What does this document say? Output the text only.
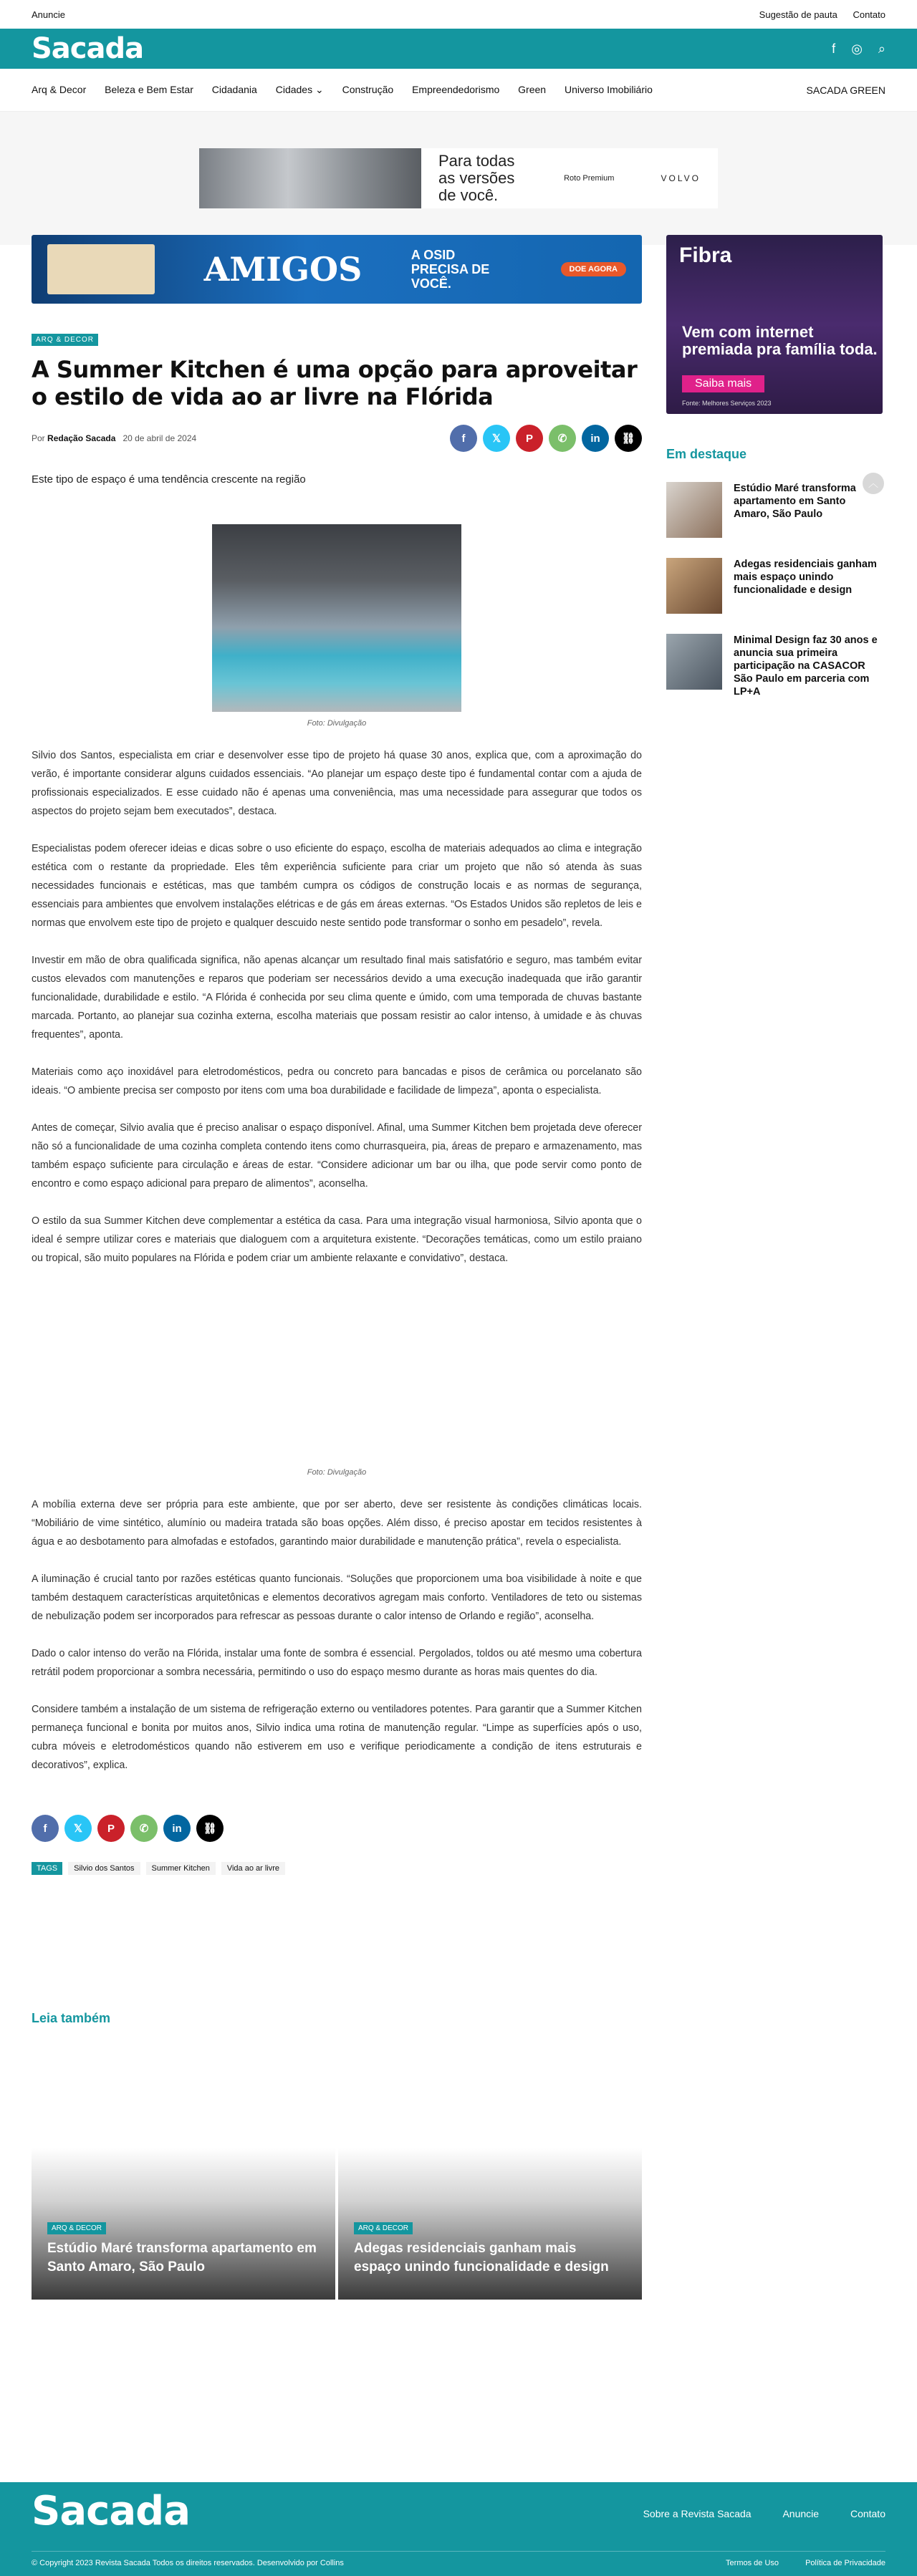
Anuncie	Sugestão de pauta Contato
Sacada	f ◎ ⌕
Arq & Decor Beleza e Bem Estar Cidadania Cidades ⌄ Construção Empreendedorismo Green Universo Imobiliário	SACADA GREEN
Para todas as versões de você.
Roto Premium	VOLVO
AMIGOS	A OSID PRECISA DE VOCÊ.
DOE AGORA
ARQ & DECOR
A Summer Kitchen é uma opção para aproveitar o estilo de vida ao ar livre na Flórida
Por Redação Sacada 20 de abril de 2024	f	𝕏	P	✆	in	⛓

Este tipo de espaço é uma tendência crescente na região

Foto: Divulgação

Silvio dos Santos, especialista em criar e desenvolver esse tipo de projeto há quase 30 anos, explica que, com a aproximação do verão, é importante considerar alguns cuidados essenciais. “Ao planejar um espaço deste tipo é fundamental contar com a ajuda de profissionais especializados. E esse cuidado não é apenas uma conveniência, mas uma necessidade para assegurar que todos os aspectos do projeto sejam bem executados”, destaca.

Especialistas podem oferecer ideias e dicas sobre o uso eficiente do espaço, escolha de materiais adequados ao clima e integração estética com o restante da propriedade. Eles têm experiência suficiente para criar um projeto que não só atenda às suas necessidades funcionais e estéticas, mas que também cumpra os códigos de construção locais e as normas de segurança, essenciais para ambientes que envolvem instalações elétricas e de gás em áreas externas. “Os Estados Unidos são repletos de leis e normas que envolvem este tipo de projeto e qualquer descuido neste sentido pode transformar o sonho em pesadelo”, revela.

Investir em mão de obra qualificada significa, não apenas alcançar um resultado final mais satisfatório e seguro, mas também evitar custos elevados com manutenções e reparos que poderiam ser necessários devido a uma execução inadequada que irão garantir funcionalidade, durabilidade e estilo. “A Flórida é conhecida por seu clima quente e úmido, com uma temporada de chuvas bastante marcada. Portanto, ao planejar sua cozinha externa, escolha materiais que possam resistir ao calor intenso, à umidade e às chuvas frequentes”, aponta.

Materiais como aço inoxidável para eletrodomésticos, pedra ou concreto para bancadas e pisos de cerâmica ou porcelanato são ideais. “O ambiente precisa ser composto por itens com uma boa durabilidade e facilidade de limpeza”, aponta o especialista.

Antes de começar, Silvio avalia que é preciso analisar o espaço disponível. Afinal, uma Summer Kitchen bem projetada deve oferecer não só a funcionalidade de uma cozinha completa contendo itens como churrasqueira, pia, áreas de preparo e armazenamento, mas também espaço suficiente para circulação e áreas de estar. “Considere adicionar um bar ou ilha, que pode servir como ponto de encontro e como espaço adicional para preparo de alimentos”, aconselha.

O estilo da sua Summer Kitchen deve complementar a estética da casa. Para uma integração visual harmoniosa, Silvio aponta que o ideal é sempre utilizar cores e materiais que dialoguem com a arquitetura existente. “Decorações temáticas, como um estilo praiano ou tropical, são muito populares na Flórida e podem criar um ambiente relaxante e convidativo”, destaca.

Foto: Divulgação

A mobília externa deve ser própria para este ambiente, que por ser aberto, deve ser resistente às condições climáticas locais. “Mobiliário de vime sintético, alumínio ou madeira tratada são boas opções. Além disso, é preciso apostar em tecidos resistentes à água e ao desbotamento para almofadas e estofados, garantindo maior durabilidade e manutenção prática”, revela o especialista.

A iluminação é crucial tanto por razões estéticas quanto funcionais. “Soluções que proporcionem uma boa visibilidade à noite e que também destaquem características arquitetônicas e elementos decorativos agregam mais conforto. Ventiladores de teto ou sistemas de nebulização podem ser incorporados para refrescar as pessoas durante o calor intenso de Orlando e região”, aconselha.

Dado o calor intenso do verão na Flórida, instalar uma fonte de sombra é essencial. Pergolados, toldos ou até mesmo uma cobertura retrátil podem proporcionar a sombra necessária, permitindo o uso do espaço mesmo durante as horas mais quentes do dia.

Considere também a instalação de um sistema de refrigeração externo ou ventiladores potentes. Para garantir que a Summer Kitchen permaneça funcional e bonita por muitos anos, Silvio indica uma rotina de manutenção regular. “Limpe as superfícies após o uso, cubra móveis e eletrodomésticos quando não estiverem em uso e verifique periodicamente a condição de itens estruturais e decorativos”, explica.

f	𝕏	P	✆	in	⛓
TAGS	Silvio dos Santos	Summer Kitchen	Vida ao ar livre
Leia também
ARQ & DECOR
Estúdio Maré transforma apartamento em Santo Amaro, São Paulo
ARQ & DECOR
Adegas residenciais ganham mais espaço unindo funcionalidade e design
Fibra
Vem com internet premiada pra família toda.
Saiba mais
Fonte: Melhores Serviços 2023
Em destaque
Estúdio Maré transforma apartamento em Santo Amaro, São Paulo
Adegas residenciais ganham mais espaço unindo funcionalidade e design
Minimal Design faz 30 anos e anuncia sua primeira participação na CASACOR São Paulo em parceria com LP+A
︿
Sacada	Sobre a Revista Sacada	Anuncie	Contato
© Copyright 2023 Revista Sacada Todos os direitos reservados. Desenvolvido por Collins	Termos de Uso	Política de Privacidade
